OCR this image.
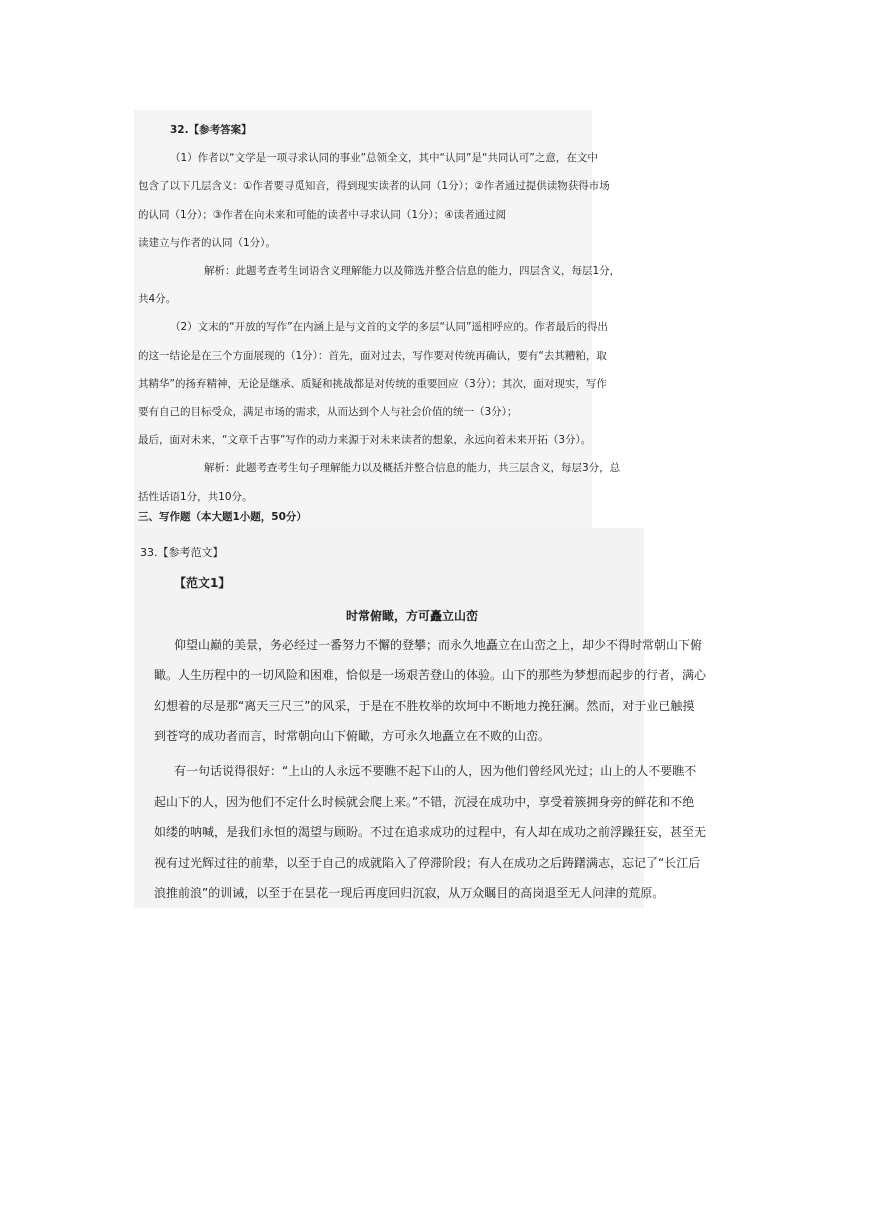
32.【参考答案】
（1）作者以“文学是一项寻求认同的事业”总领全文，其中“认同”是“共同认可”之意，在文中
包含了以下几层含义：①作者要寻觅知音，得到现实读者的认同（1分）；②作者通过提供读物获得市场
的认同（1分）；③作者在向未来和可能的读者中寻求认同（1分）；④读者通过阅
读建立与作者的认同（1分）。
解析：此题考查考生词语含义理解能力以及筛选并整合信息的能力，四层含义，每层1分，
共4分。
（2）文末的“开放的写作”在内涵上是与文首的文学的多层“认同”遥相呼应的。作者最后的得出
的这一结论是在三个方面展现的（1分）：首先，面对过去，写作要对传统再确认，要有“去其糟粕，取
其精华”的扬弃精神，无论是继承、质疑和挑战都是对传统的重要回应（3分）；其次，面对现实，写作
要有自己的目标受众，满足市场的需求，从而达到个人与社会价值的统一（3分）；
最后，面对未来，“文章千古事”写作的动力来源于对未来读者的想象，永远向着未来开拓（3分）。
解析：此题考查考生句子理解能力以及概括并整合信息的能力，共三层含义，每层3分，总
括性话语1分，共10分。
三、写作题（本大题1小题，50分）
33.【参考范文】
【范文1】
时常俯瞰，方可矗立山峦
仰望山巅的美景，务必经过一番努力不懈的登攀；而永久地矗立在山峦之上，却少不得时常朝山下俯
瞰。人生历程中的一切风险和困难，恰似是一场艰苦登山的体验。山下的那些为梦想而起步的行者，满心
幻想着的尽是那“离天三尺三”的风采，于是在不胜枚举的坎坷中不断地力挽狂澜。然而，对于业已触摸
到苍穹的成功者而言，时常朝向山下俯瞰，方可永久地矗立在不败的山峦。
有一句话说得很好：“上山的人永远不要瞧不起下山的人，因为他们曾经风光过；山上的人不要瞧不
起山下的人，因为他们不定什么时候就会爬上来。”不错，沉浸在成功中，享受着簇拥身旁的鲜花和不绝
如缕的呐喊，是我们永恒的渴望与顾盼。不过在追求成功的过程中，有人却在成功之前浮躁狂妄，甚至无
视有过光辉过往的前辈，以至于自己的成就陷入了停滞阶段；有人在成功之后踌躇满志，忘记了“长江后
浪推前浪”的训诫，以至于在昙花一现后再度回归沉寂，从万众瞩目的高岗退至无人问津的荒原。
